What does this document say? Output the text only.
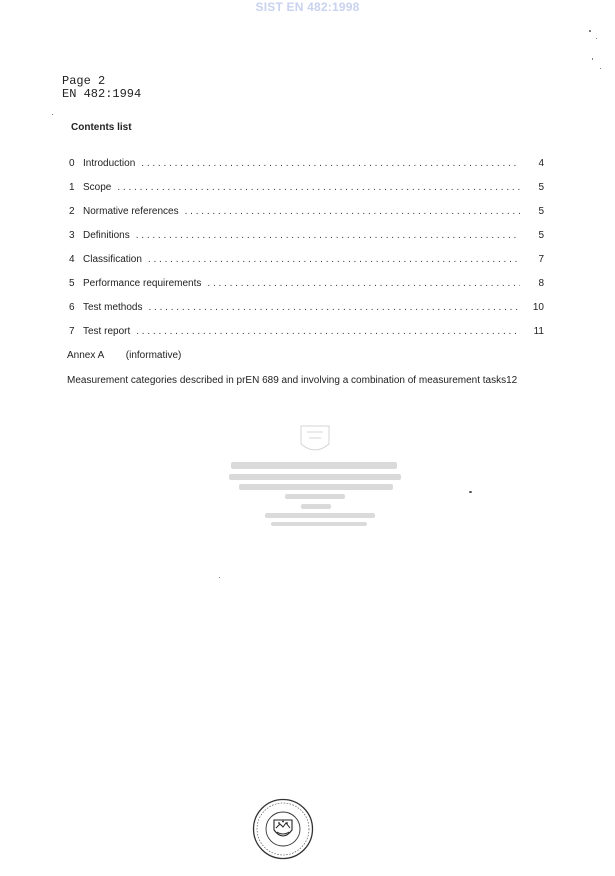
SIST EN 482:1998
Page 2
EN 482:1994
Contents list
0 Introduction . . .	4
1 Scope . . .	5
2 Normative references . . .	5
3 Definitions . . .	5
4 Classification . . .	7
5 Performance requirements . . .	8
6 Test methods . . .	10
7 Test report . . .	11
Annex A (informative)
Measurement categories described in prEN 689 and involving a combination of measurement tasks12
